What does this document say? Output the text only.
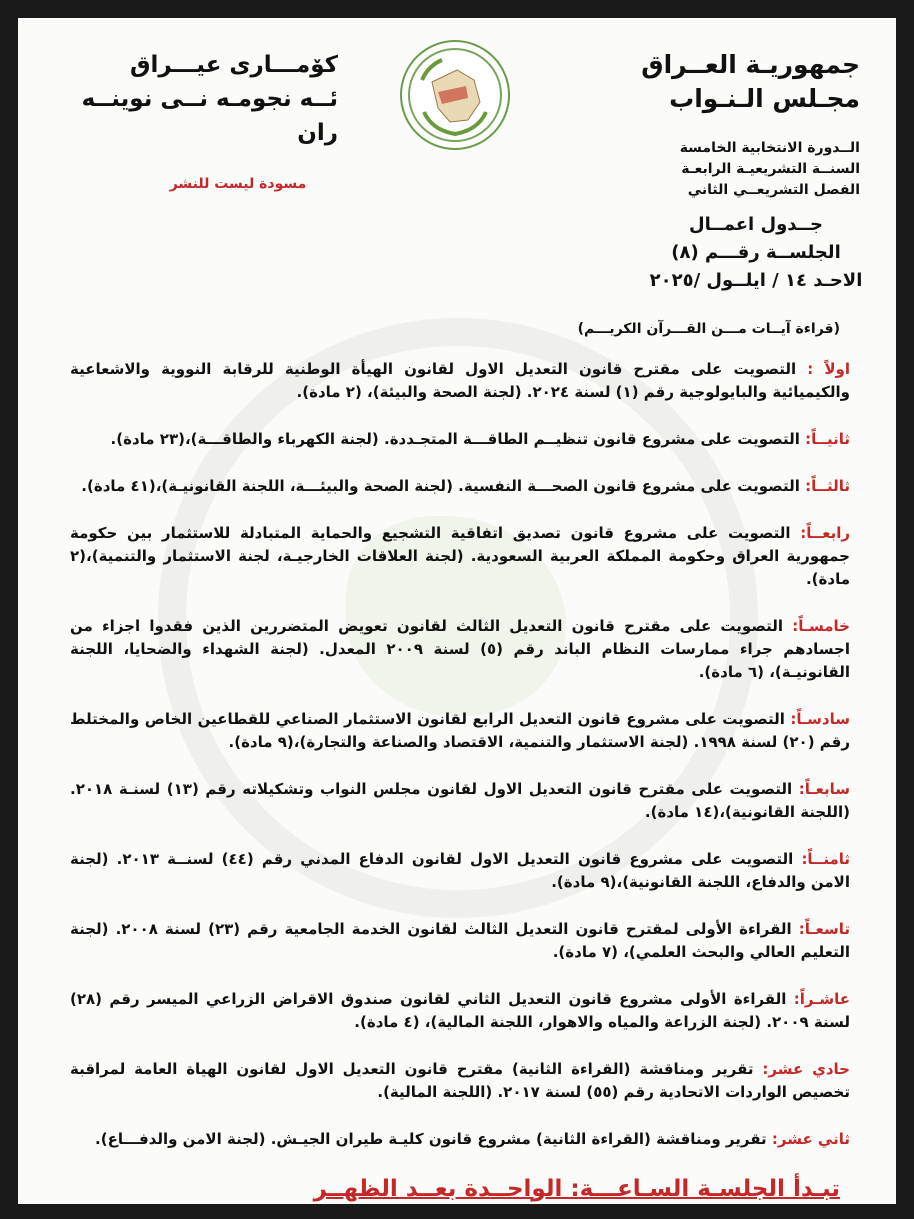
جمهوريـة العــراق
مجـلس الـنـواب
الــدورة الانتخابية الخامسة
السنــة التشريعيـة الرابعـة
الفصل التشريعــي الثاني
كۆمـــارى عيـــراق
ئــه نجومـه نــى نوينــه ران
مسودة ليست للنشر
جــدول اعمــال
الجلســة رقـــم (٨)
الاحـد ١٤ / ايلــول /٢٠٢٥
(قراءة آيــات مـــن القـــرآن الكريـــم)
اولاً : التصويت على مقترح قانون التعديل الاول لقانون الهيأة الوطنية للرقابة النووية والاشعاعية والكيميائية والبايولوجية رقم (١) لسنة ٢٠٢٤. (لجنة الصحة والبيئة)، (٢ مادة).
ثانيــاً: التصويت على مشروع قانون تنظيــم الطاقـــة المتجـددة. (لجنة الكهرباء والطاقـــة)،(٢٣ مادة).
ثالثــاً: التصويت على مشروع قانون الصحـــة النفسية. (لجنة الصحة والبيئـــة، اللجنة القانونيـة)،(٤١ مادة).
رابعــاً: التصويت على مشروع قانون تصديق اتفاقية التشجيع والحماية المتبادلة للاستثمار بين حكومة جمهورية العراق وحكومة المملكة العربية السعودية. (لجنة العلاقات الخارجيـة، لجنة الاستثمار والتنمية)،(٢ مادة).
خامسـاً: التصويت على مقترح قانون التعديل الثالث لقانون تعويض المتضررين الذين فقدوا اجزاء من اجسادهم جراء ممارسات النظام الباند رقم (٥) لسنة ٢٠٠٩ المعدل. (لجنة الشهداء والضحايا، اللجنة القانونيـة)، (٦ مادة).
سادسـاً: التصويت على مشروع قانون التعديل الرابع لقانون الاستثمار الصناعي للقطاعين الخاص والمختلط رقم (٢٠) لسنة ١٩٩٨. (لجنة الاستثمار والتنمية، الاقتصاد والصناعة والتجارة)،(٩ مادة).
سابعـاً: التصويت على مقترح قانون التعديل الاول لقانون مجلس النواب وتشكيلاته رقم (١٣) لسنـة ٢٠١٨. (اللجنة القانونية)،(١٤ مادة).
ثامنــاً: التصويت على مشروع قانون التعديل الاول لقانون الدفاع المدني رقم (٤٤) لسنــة ٢٠١٣. (لجنة الامن والدفاع، اللجنة القانونية)،(٩ مادة).
تاسعـاً: القراءة الأولى لمقترح قانون التعديل الثالث لقانون الخدمة الجامعية رقم (٢٣) لسنة ٢٠٠٨. (لجنة التعليم العالي والبحث العلمي)، (٧ مادة).
عاشـراً: القراءة الأولى مشروع قانون التعديل الثاني لقانون صندوق الاقراض الزراعي الميسر رقم (٢٨) لسنة ٢٠٠٩. (لجنة الزراعة والمياه والاهوار، اللجنة المالية)، (٤ مادة).
حادي عشر: تقرير ومناقشة (القراءة الثانية) مقترح قانون التعديل الاول لقانون الهياة العامة لمراقبة تخصيص الواردات الاتحادية رقم (٥٥) لسنة ٢٠١٧. (اللجنة المالية).
ثاني عشر: تقرير ومناقشة (القراءة الثانية) مشروع قانون كليـة طيران الجيـش. (لجنة الامن والدفـــاع).
تبـدأ الجلسـة السـاعـــة: الواحــدة بعــد الظهــر
